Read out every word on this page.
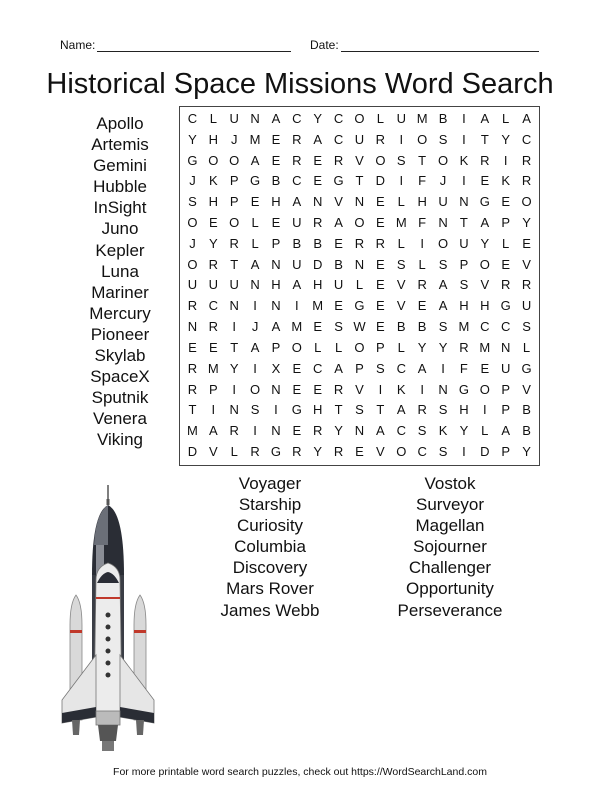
Name:	Date:
Historical Space Missions Word Search
C L U N A C Y C O L U M B	I	A L A
Y H J M E R A C U R	I	O S	I	T Y C
G O O A E R E R V O S T O K R	I	R
J	K P G B C E G T D	I	F	J	I	E K R
S H P E H A N V N E L H U N G E O
O E O L E U R A O E M F N T A P Y
J	Y R L P B B E R R L	I	O U Y L E
O R T A N U D B N E S L S P O E V
U U U N H A H U L E V R A S V R R
R C N	I	N	I	M E G E V E A H H G U
N R	I	J	A M E S W E B B S M C C S
E E T A P O L	L O P L Y Y R M N L
R M Y	I	X E C A P S C A	I	F E U G
R P	I	O N E E R V	I	K	I	N G O P V
T	I	N S	I	G H T S T A R S H	I	P B
M A R	I	N E R Y N A C S K Y L A B
D V L R G R Y R E V O C S	I	D P Y
Apollo
Artemis
Gemini
Hubble
InSight
Juno
Kepler
Luna
Mariner
Mercury
Pioneer
Skylab
SpaceX
Sputnik
Venera
Viking
Voyager
Starship
Curiosity
Columbia
Discovery
Mars Rover
James Webb
Vostok
Surveyor
Magellan
Sojourner
Challenger
Opportunity
Perseverance
For more printable word search puzzles, check out https://WordSearchLand.com
